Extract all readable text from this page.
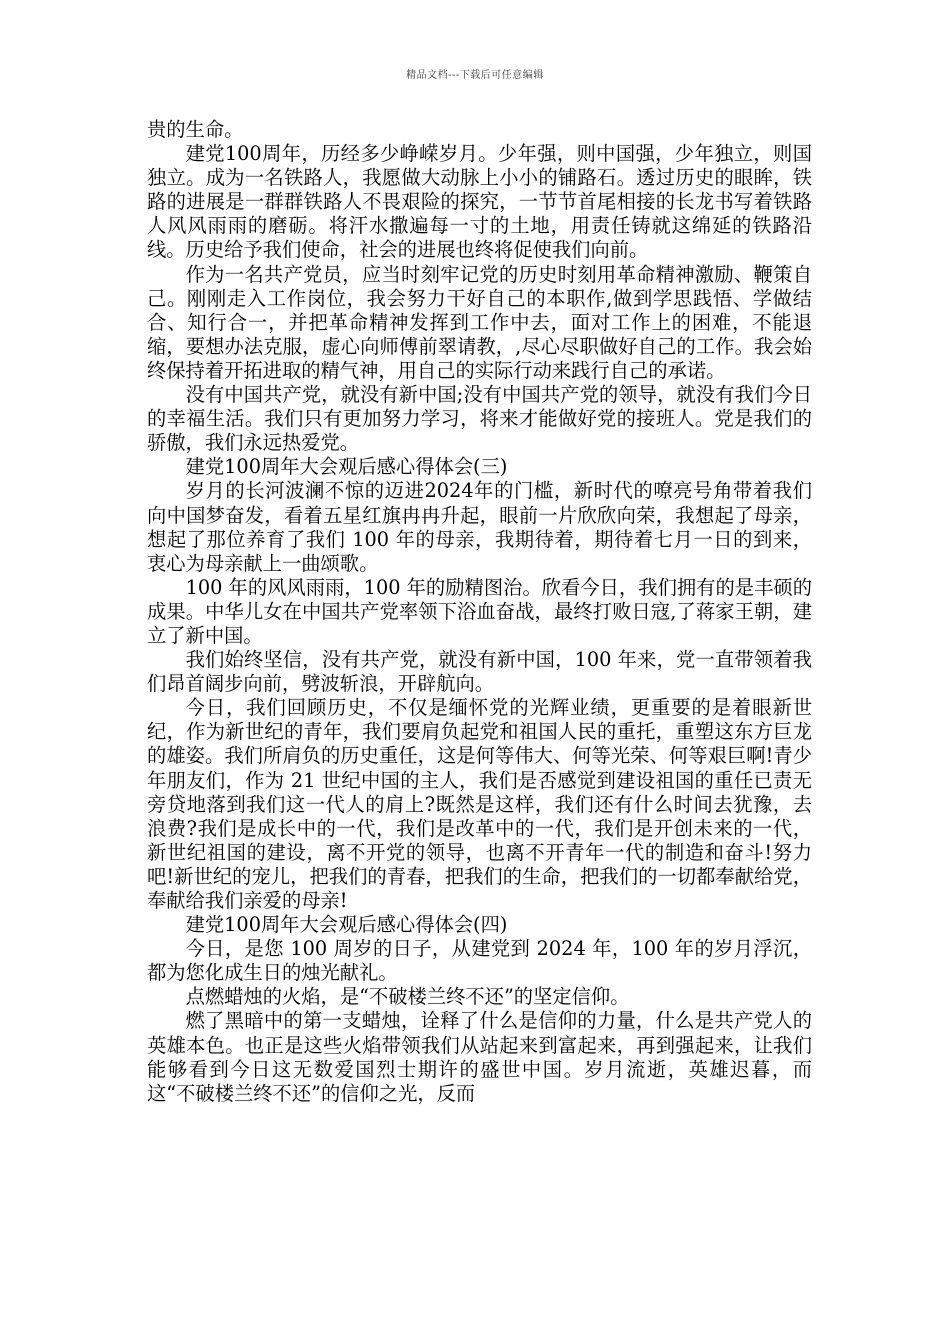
精品文档---下载后可任意编辑

贵的生命。

建党100周年，历经多少峥嵘岁月。少年强，则中国强，少年独立，则国独立。成为一名铁路人，我愿做大动脉上小小的铺路石。透过历史的眼眸，铁路的进展是一群群铁路人不畏艰险的探究，一节节首尾相接的长龙书写着铁路人风风雨雨的磨砺。将汗水撒遍每一寸的土地，用责任铸就这绵延的铁路沿线。历史给予我们使命，社会的进展也终将促使我们向前。

作为一名共产党员，应当时刻牢记党的历史时刻用革命精神激励、鞭策自己。刚刚走入工作岗位，我会努力干好自己的本职作,做到学思践悟、学做结合、知行合一，并把革命精神发挥到工作中去，面对工作上的困难，不能退缩，要想办法克服，虚心向师傅前翠请教，,尽心尽职做好自己的工作。我会始终保持着开拓进取的精气神，用自己的实际行动来践行自己的承诺。

没有中国共产党，就没有新中国;没有中国共产党的领导，就没有我们今日的幸福生活。我们只有更加努力学习，将来才能做好党的接班人。党是我们的骄傲，我们永远热爱党。

建党100周年大会观后感心得体会(三)

岁月的长河波澜不惊的迈进2024年的门槛，新时代的嘹亮号角带着我们向中国梦奋发，看着五星红旗冉冉升起，眼前一片欣欣向荣，我想起了母亲，想起了那位养育了我们 100 年的母亲，我期待着，期待着七月一日的到来，衷心为母亲献上一曲颂歌。

100 年的风风雨雨，100 年的励精图治。欣看今日，我们拥有的是丰硕的成果。中华儿女在中国共产党率领下浴血奋战，最终打败日寇,了蒋家王朝，建立了新中国。

我们始终坚信，没有共产党，就没有新中国，100 年来，党一直带领着我们昂首阔步向前，劈波斩浪，开辟航向。

今日，我们回顾历史，不仅是缅怀党的光辉业绩，更重要的是着眼新世纪，作为新世纪的青年，我们要肩负起党和祖国人民的重托，重塑这东方巨龙的雄姿。我们所肩负的历史重任，这是何等伟大、何等光荣、何等艰巨啊!青少年朋友们，作为 21 世纪中国的主人，我们是否感觉到建设祖国的重任已责无旁贷地落到我们这一代人的肩上?既然是这样，我们还有什么时间去犹豫，去浪费?我们是成长中的一代，我们是改革中的一代，我们是开创未来的一代，新世纪祖国的建设，离不开党的领导，也离不开青年一代的制造和奋斗!努力吧!新世纪的宠儿，把我们的青春，把我们的生命，把我们的一切都奉献给党，奉献给我们亲爱的母亲!

建党100周年大会观后感心得体会(四)

今日，是您 100 周岁的日子，从建党到 2024 年，100 年的岁月浮沉，都为您化成生日的烛光献礼。

点燃蜡烛的火焰，是“不破楼兰终不还”的坚定信仰。

燃了黑暗中的第一支蜡烛，诠释了什么是信仰的力量，什么是共产党人的英雄本色。也正是这些火焰带领我们从站起来到富起来，再到强起来，让我们能够看到今日这无数爱国烈士期许的盛世中国。岁月流逝，英雄迟暮，而这“不破楼兰终不还”的信仰之光，反而
